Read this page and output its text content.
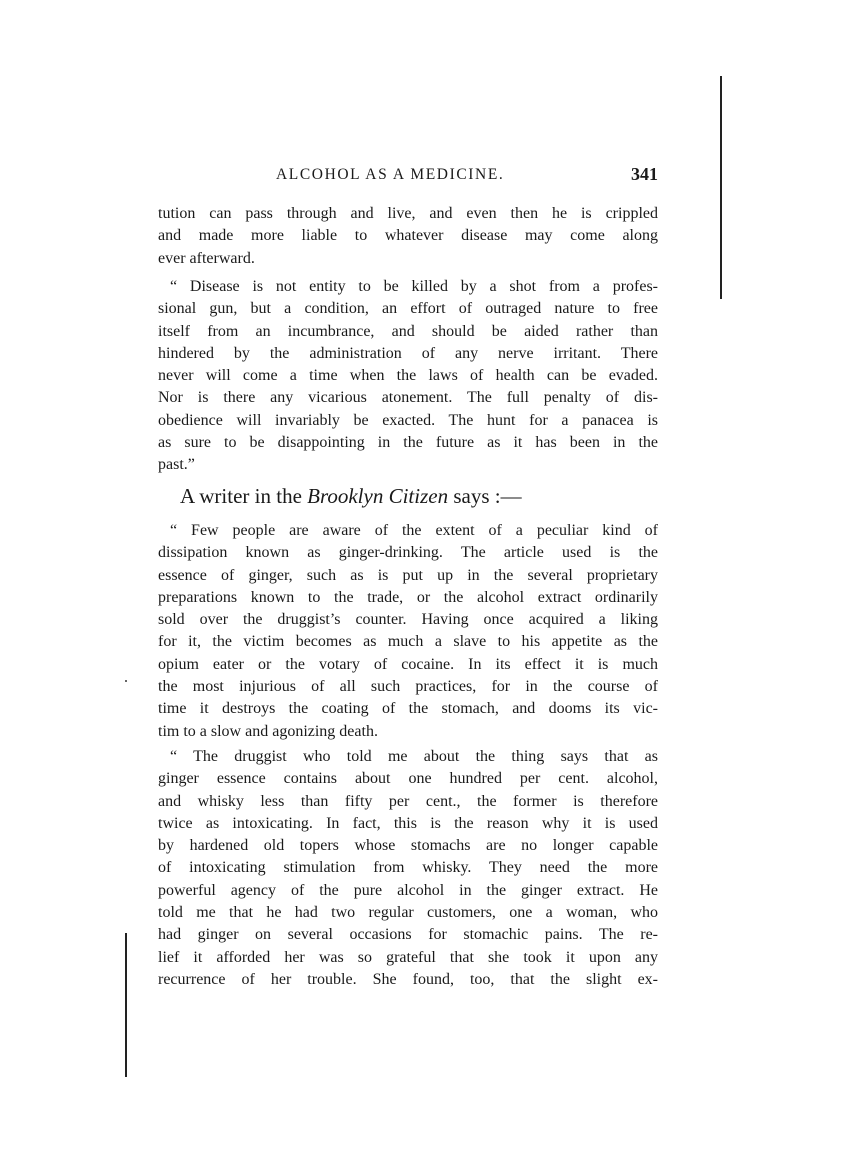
ALCOHOL AS A MEDICINE.	341
tution can pass through and live, and even then he is crippled
and made more liable to whatever disease may come along
ever afterward.
“ Disease is not entity to be killed by a shot from a profes-
sional gun, but a condition, an effort of outraged nature to free
itself from an incumbrance, and should be aided rather than
hindered by the administration of any nerve irritant. There
never will come a time when the laws of health can be evaded.
Nor is there any vicarious atonement. The full penalty of dis-
obedience will invariably be exacted. The hunt for a panacea is
as sure to be disappointing in the future as it has been in the
past.”
A writer in the Brooklyn Citizen says :—
“ Few people are aware of the extent of a peculiar kind of
dissipation known as ginger-drinking. The article used is the
essence of ginger, such as is put up in the several proprietary
preparations known to the trade, or the alcohol extract ordinarily
sold over the druggist’s counter. Having once acquired a liking
for it, the victim becomes as much a slave to his appetite as the
opium eater or the votary of cocaine. In its effect it is much
the most injurious of all such practices, for in the course of
time it destroys the coating of the stomach, and dooms its vic-
tim to a slow and agonizing death.
“ The druggist who told me about the thing says that as
ginger essence contains about one hundred per cent. alcohol,
and whisky less than fifty per cent., the former is therefore
twice as intoxicating. In fact, this is the reason why it is used
by hardened old topers whose stomachs are no longer capable
of intoxicating stimulation from whisky. They need the more
powerful agency of the pure alcohol in the ginger extract. He
told me that he had two regular customers, one a woman, who
had ginger on several occasions for stomachic pains. The re-
lief it afforded her was so grateful that she took it upon any
recurrence of her trouble. She found, too, that the slight ex-
